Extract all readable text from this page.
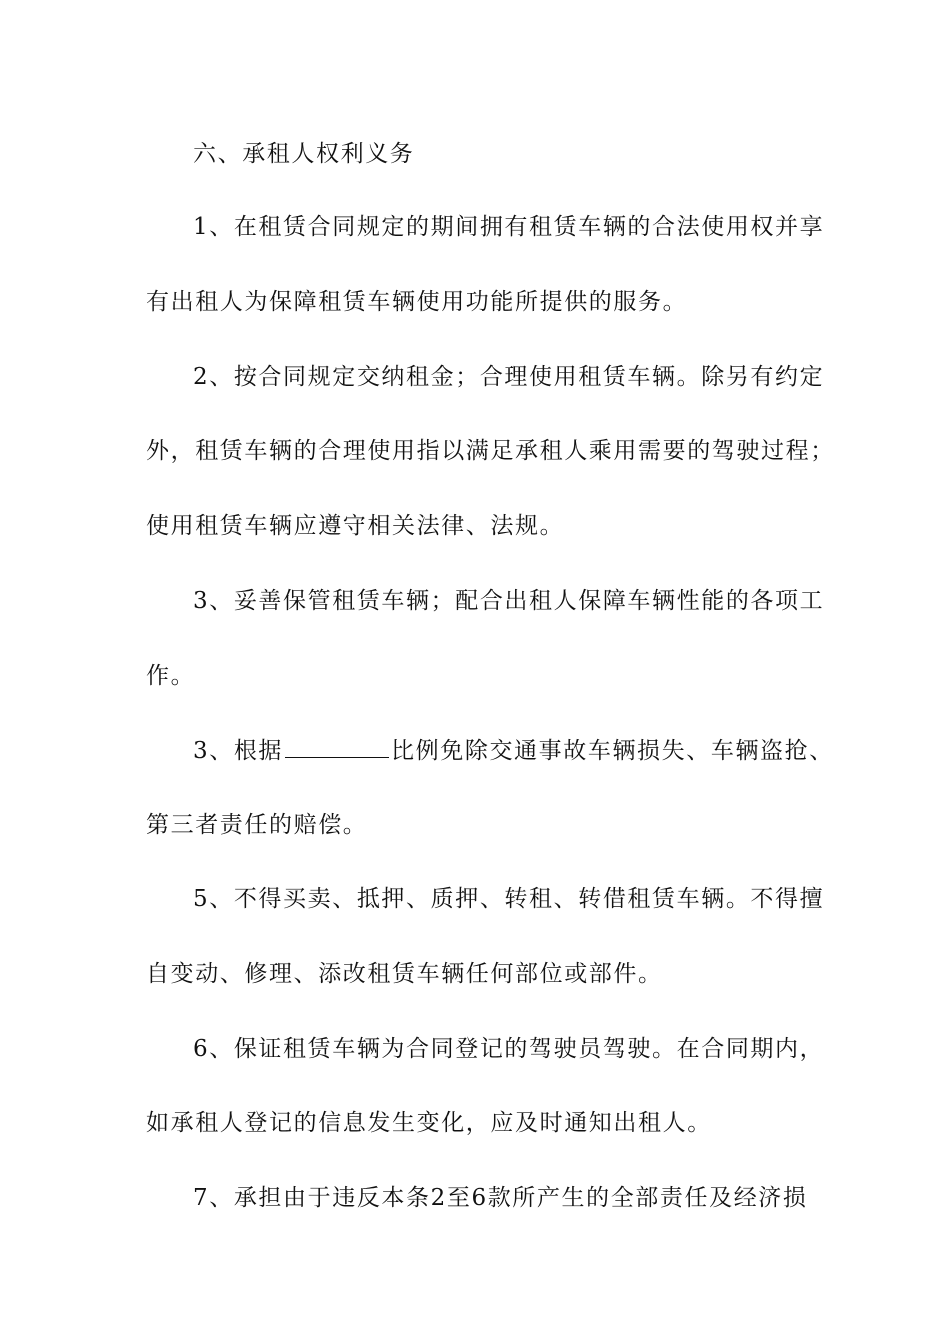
六、承租人权利义务
1、在租赁合同规定的期间拥有租赁车辆的合法使用权并享
有出租人为保障租赁车辆使用功能所提供的服务。
2、按合同规定交纳租金；合理使用租赁车辆。除另有约定
外，租赁车辆的合理使用指以满足承租人乘用需要的驾驶过程；
使用租赁车辆应遵守相关法律、法规。
3、妥善保管租赁车辆；配合出租人保障车辆性能的各项工
作。
3、根据	比例免除交通事故车辆损失、车辆盗抢、
第三者责任的赔偿。
5、不得买卖、抵押、质押、转租、转借租赁车辆。不得擅
自变动、修理、添改租赁车辆任何部位或部件。
6、保证租赁车辆为合同登记的驾驶员驾驶。在合同期内，
如承租人登记的信息发生变化，应及时通知出租人。
7、承担由于违反本条2至6款所产生的全部责任及经济损
